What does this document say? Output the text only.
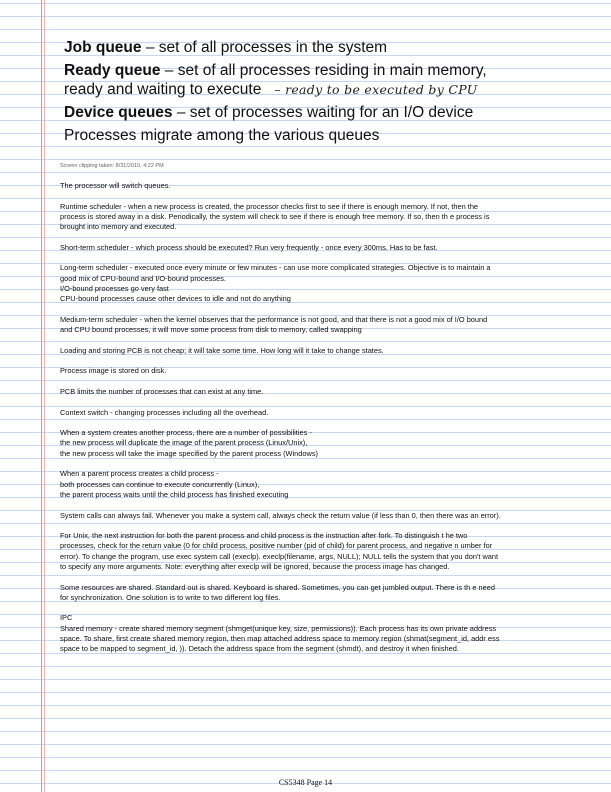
Job queue – set of all processes in the system
Ready queue – set of all processes residing in main memory,
ready and waiting to execute – ready to be executed by CPU
Device queues – set of processes waiting for an I/O device
Processes migrate among the various queues
Screen clipping taken: 8/31/2010, 4:22 PM

The processor will switch queues.

Runtime scheduler - when a new process is created, the processor checks first to see if there is enough memory. If not, then the
process is stored away in a disk. Periodically, the system will check to see if there is enough free memory. If so, then th e process is
brought into memory and executed.

Short-term scheduler - which process should be executed? Run very frequently - once every 300ms. Has to be fast.

Long-term scheduler - executed once every minute or few minutes - can use more complicated strategies. Objective is to maintain a
good mix of CPU-bound and I/O-bound processes.
I/O-bound processes go very fast
CPU-bound processes cause other devices to idle and not do anything

Medium-term scheduler - when the kernel observes that the performance is not good, and that there is not a good mix of I/O bound
and CPU bound processes, it will move some process from disk to memory, called swapping

Loading and storing PCB is not cheap; it will take some time. How long will it take to change states.

Process image is stored on disk.

PCB limits the number of processes that can exist at any time.

Context switch - changing processes including all the overhead.

When a system creates another process, there are a number of possibilities -
the new process will duplicate the image of the parent process (Linux/Unix),
the new process will take the image specified by the parent process (Windows)

When a parent process creates a child process -
both processes can continue to execute concurrently (Linux),
the parent process waits until the child process has finished executing

System calls can always fail. Whenever you make a system call, always check the return value (if less than 0, then there was an error).

For Unix, the next instruction for both the parent process and child process is the instruction after fork. To distinguish t he two
processes, check for the return value (0 for child process, positive number (pid of child) for parent process, and negative n umber for
error). To change the program, use exec system call (execlp). execlp(filename, args, NULL); NULL tells the system that you don't want
to specify any more arguments. Note: everything after execlp will be ignored, because the process image has changed.

Some resources are shared. Standard out is shared. Keyboard is shared. Sometimes, you can get jumbled output. There is th e need
for synchronization. One solution is to write to two different log files.

IPC
Shared memory - create shared memory segment (shmget(unique key, size, permissions)). Each process has its own private address
space. To share, first create shared memory region, then map attached address space to memory region (shmat(segment_id, addr ess
space to be mapped to segment_id, )). Detach the address space from the segment (shmdt), and destroy it when finished.

CS5348 Page 14
